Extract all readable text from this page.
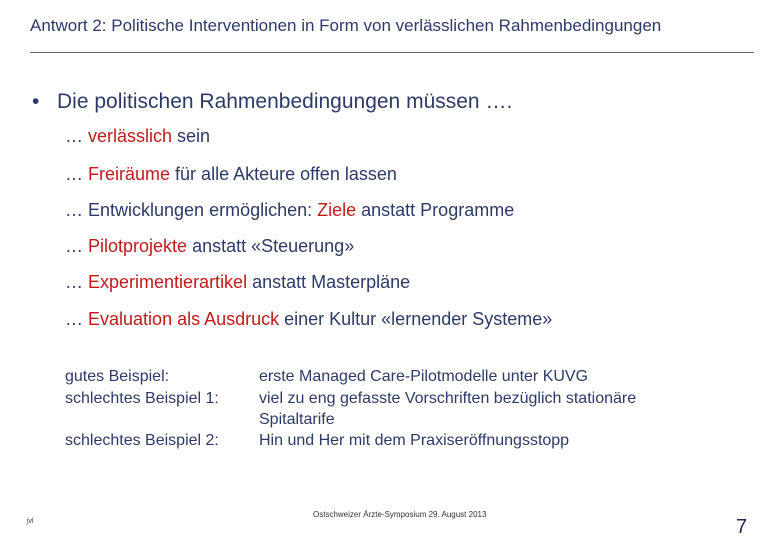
Antwort 2: Politische Interventionen in Form von verlässlichen Rahmenbedingungen
• Die politischen Rahmenbedingungen müssen ….
… verlässlich sein
… Freiräume für alle Akteure offen lassen
… Entwicklungen ermöglichen: Ziele anstatt Programme
… Pilotprojekte anstatt «Steuerung»
… Experimentierartikel anstatt Masterpläne
… Evaluation als Ausdruck einer Kultur «lernender Systeme»
gutes Beispiel:	erste Managed Care-Pilotmodelle unter KUVG
schlechtes Beispiel 1:	viel zu eng gefasste Vorschriften bezüglich stationäre
Spitaltarife
schlechtes Beispiel 2:	Hin und Her mit dem Praxiseröffnungsstopp
jvl
Ostschweizer Ärzte-Symposium 29. August 2013
7
